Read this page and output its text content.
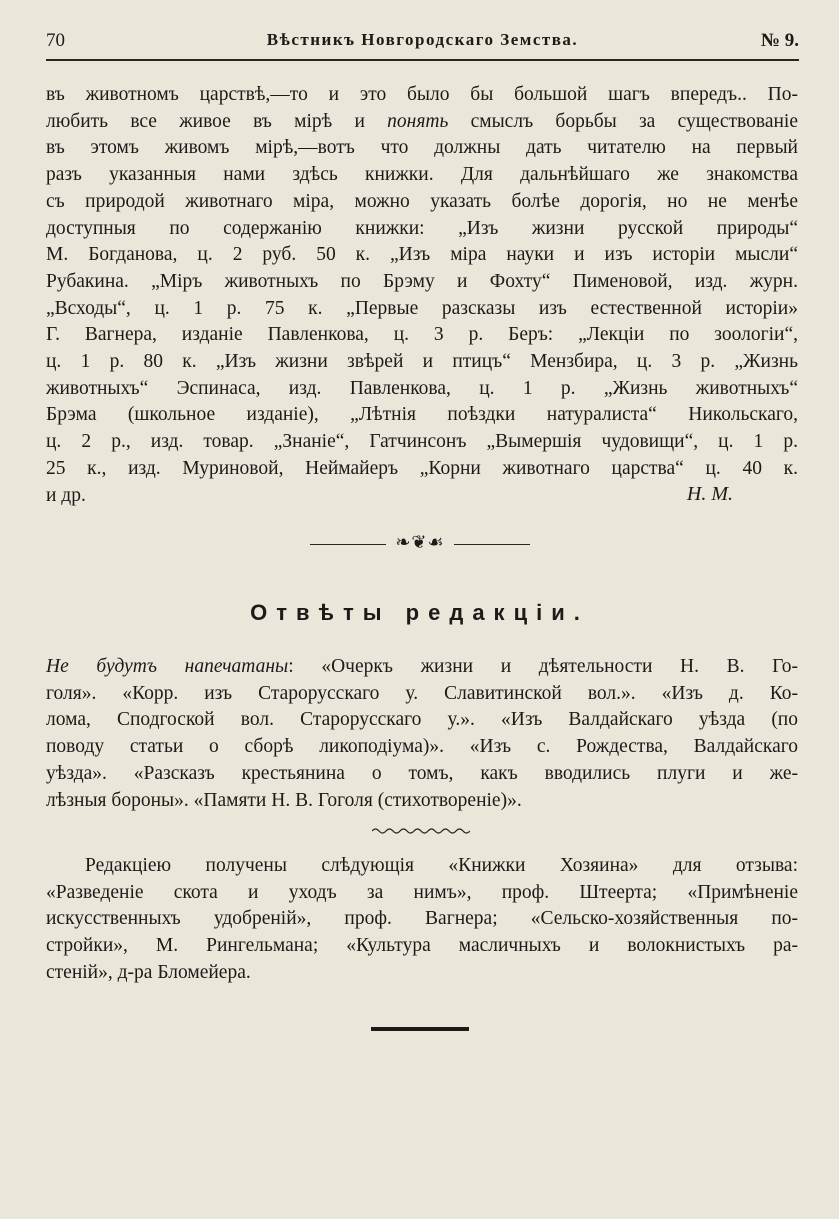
70	Вѣстникъ Новгородскаго Земства.	№ 9.
въ животномъ царствѣ,—то и это было бы большой шагъ впередъ.. По-
любить все живое въ мірѣ и понять смыслъ борьбы за существованіе
въ этомъ живомъ мірѣ,—вотъ что должны дать читателю на первый
разъ указанныя нами здѣсь книжки. Для дальнѣйшаго же знакомства
съ природой животнаго міра, можно указать болѣе дорогія, но не менѣе
доступныя по содержанію книжки: „Изъ жизни русской природы“
М. Богданова, ц. 2 руб. 50 к. „Изъ міра науки и изъ исторіи мысли“
Рубакина. „Міръ животныхъ по Брэму и Фохту“ Пименовой, изд. журн.
„Всходы“, ц. 1 р. 75 к. „Первые разсказы изъ естественной исторіи»
Г. Вагнера, изданіе Павленкова, ц. 3 р. Беръ: „Лекціи по зоологіи“,
ц. 1 р. 80 к. „Изъ жизни звѣрей и птицъ“ Мензбира, ц. 3 р. „Жизнь
животныхъ“ Эспинаса, изд. Павленкова, ц. 1 р. „Жизнь животныхъ“
Брэма (школьное изданіе), „Лѣтнія поѣздки натуралиста“ Никольскаго,
ц. 2 р., изд. товар. „Знаніе“, Гатчинсонъ „Вымершія чудовищи“, ц. 1 р.
25 к., изд. Муриновой, Неймайеръ „Корни животнаго царства“ ц. 40 к.
и др.	Н. М.
❧❦☙
Отвѣты редакціи.
Не будутъ напечатаны: «Очеркъ жизни и дѣятельности Н. В. Го-
голя». «Корр. изъ Старорусскаго у. Славитинской вол.». «Изъ д. Ко-
лома, Сподгоской вол. Старорусскаго у.». «Изъ Валдайскаго уѣзда (по
поводу статьи о сборѣ ликоподіума)». «Изъ с. Рождества, Валдайскаго
уѣзда». «Разсказъ крестьянина о томъ, какъ вводились плуги и же-
лѣзныя бороны». «Памяти Н. В. Гоголя (стихотвореніе)».
  Редакціею получены слѣдующія «Книжки Хозяина» для отзыва:
«Разведеніе скота и уходъ за нимъ», проф. Штеерта; «Примѣненіе
искусственныхъ удобреній», проф. Вагнера; «Сельско-хозяйственныя по-
стройки», М. Рингельмана; «Культура масличныхъ и волокнистыхъ ра-
стеній», д-ра Бломейера.
